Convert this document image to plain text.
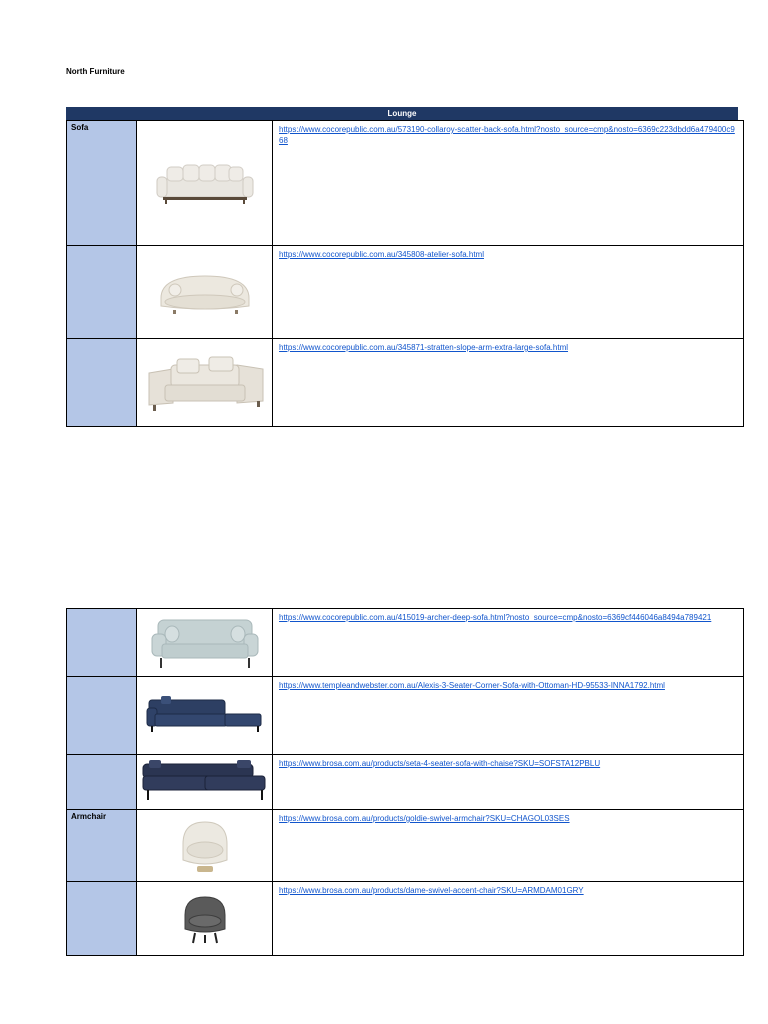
North Furniture
Lounge
Sofa	https://www.cocorepublic.com.au/573190-collaroy-scatter-back-sofa.html?nosto_source=cmp&nosto=6369c223dbdd6a479400c968
https://www.cocorepublic.com.au/345808-atelier-sofa.html
https://www.cocorepublic.com.au/345871-stratten-slope-arm-extra-large-sofa.html
https://www.cocorepublic.com.au/415019-archer-deep-sofa.html?nosto_source=cmp&nosto=6369cf446046a8494a789421
https://www.templeandwebster.com.au/Alexis-3-Seater-Corner-Sofa-with-Ottoman-HD-95533-INNA1792.html
https://www.brosa.com.au/products/seta-4-seater-sofa-with-chaise?SKU=SOFSTA12PBLU
Armchair	https://www.brosa.com.au/products/goldie-swivel-armchair?SKU=CHAGOL03SES
https://www.brosa.com.au/products/dame-swivel-accent-chair?SKU=ARMDAM01GRY
